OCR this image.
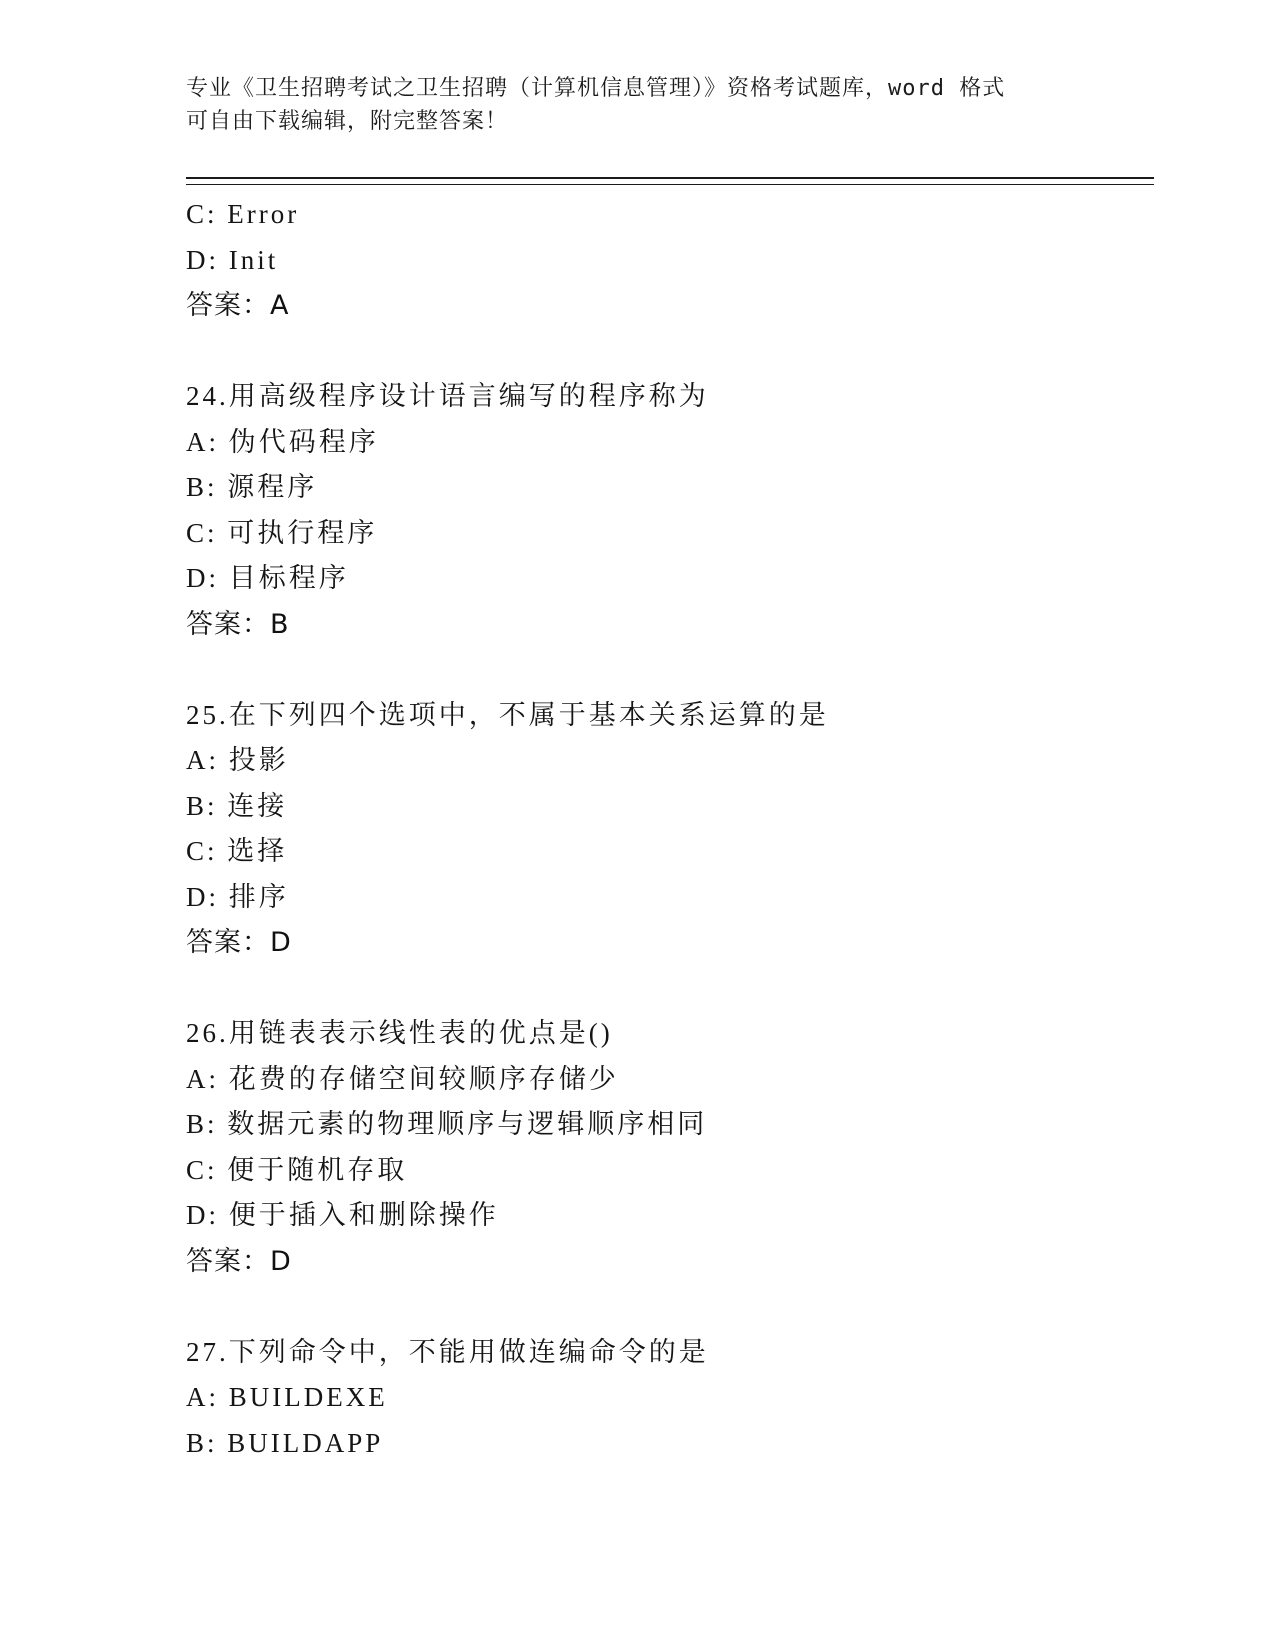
专业《卫生招聘考试之卫生招聘（计算机信息管理）》资格考试题库，word 格式
可自由下载编辑，附完整答案！
C: Error
D: Init
答案：A
24.用高级程序设计语言编写的程序称为
A: 伪代码程序
B: 源程序
C: 可执行程序
D: 目标程序
答案：B
25.在下列四个选项中，不属于基本关系运算的是
A: 投影
B: 连接
C: 选择
D: 排序
答案：D
26.用链表表示线性表的优点是()
A: 花费的存储空间较顺序存储少
B: 数据元素的物理顺序与逻辑顺序相同
C: 便于随机存取
D: 便于插入和删除操作
答案：D
27.下列命令中，不能用做连编命令的是
A: BUILDEXE
B: BUILDAPP
